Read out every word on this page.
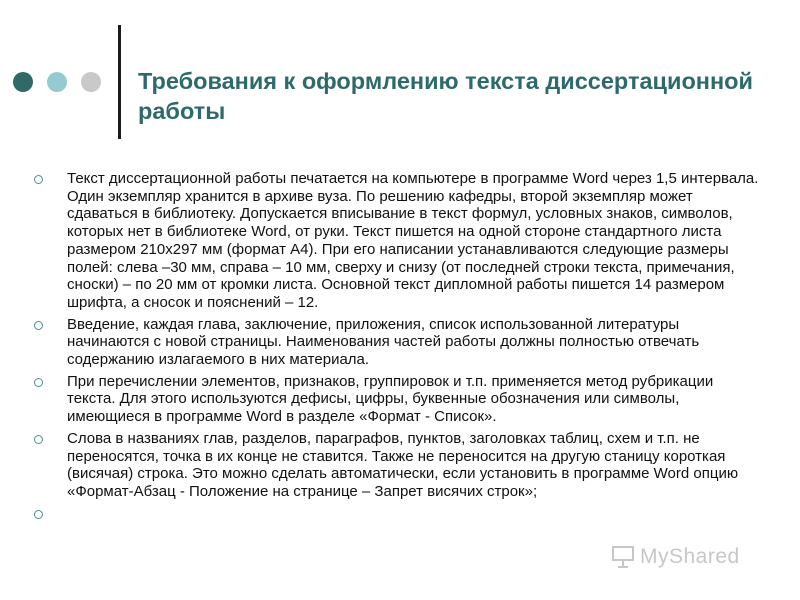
Требования к оформлению текста диссертационной работы
Текст диссертационной работы печатается на компьютере в программе Word через 1,5 интервала. Один экземпляр хранится в архиве вуза. По решению кафедры, второй экземпляр может сдаваться в библиотеку. Допускается вписывание в текст формул, условных знаков, символов, которых нет в библиотеке Word, от руки. Текст пишется на одной стороне стандартного листа размером 210х297 мм (формат А4). При его написании устанавливаются следующие размеры полей: слева –30 мм, справа – 10 мм, сверху и снизу (от последней строки текста, примечания, сноски) – по 20 мм от кромки листа. Основной текст дипломной работы пишется 14 размером шрифта, а сносок и пояснений – 12.
Введение, каждая глава, заключение, приложения, список использованной литературы начинаются с новой страницы. Наименования частей работы должны полностью отвечать содержанию излагаемого в них материала.
При перечислении элементов, признаков, группировок и т.п. применяется метод рубрикации текста. Для этого используются дефисы, цифры, буквенные обозначения или символы, имеющиеся в программе Word в разделе «Формат - Список».
Слова в названиях глав, разделов, параграфов, пунктов, заголовках таблиц, схем и т.п. не переносятся, точка в их конце не ставится. Также не переносится на другую станицу короткая (висячая) строка. Это можно сделать автоматически, если установить в программе Word опцию «Формат-Абзац - Положение на странице – Запрет висячих строк»;
MyShared
